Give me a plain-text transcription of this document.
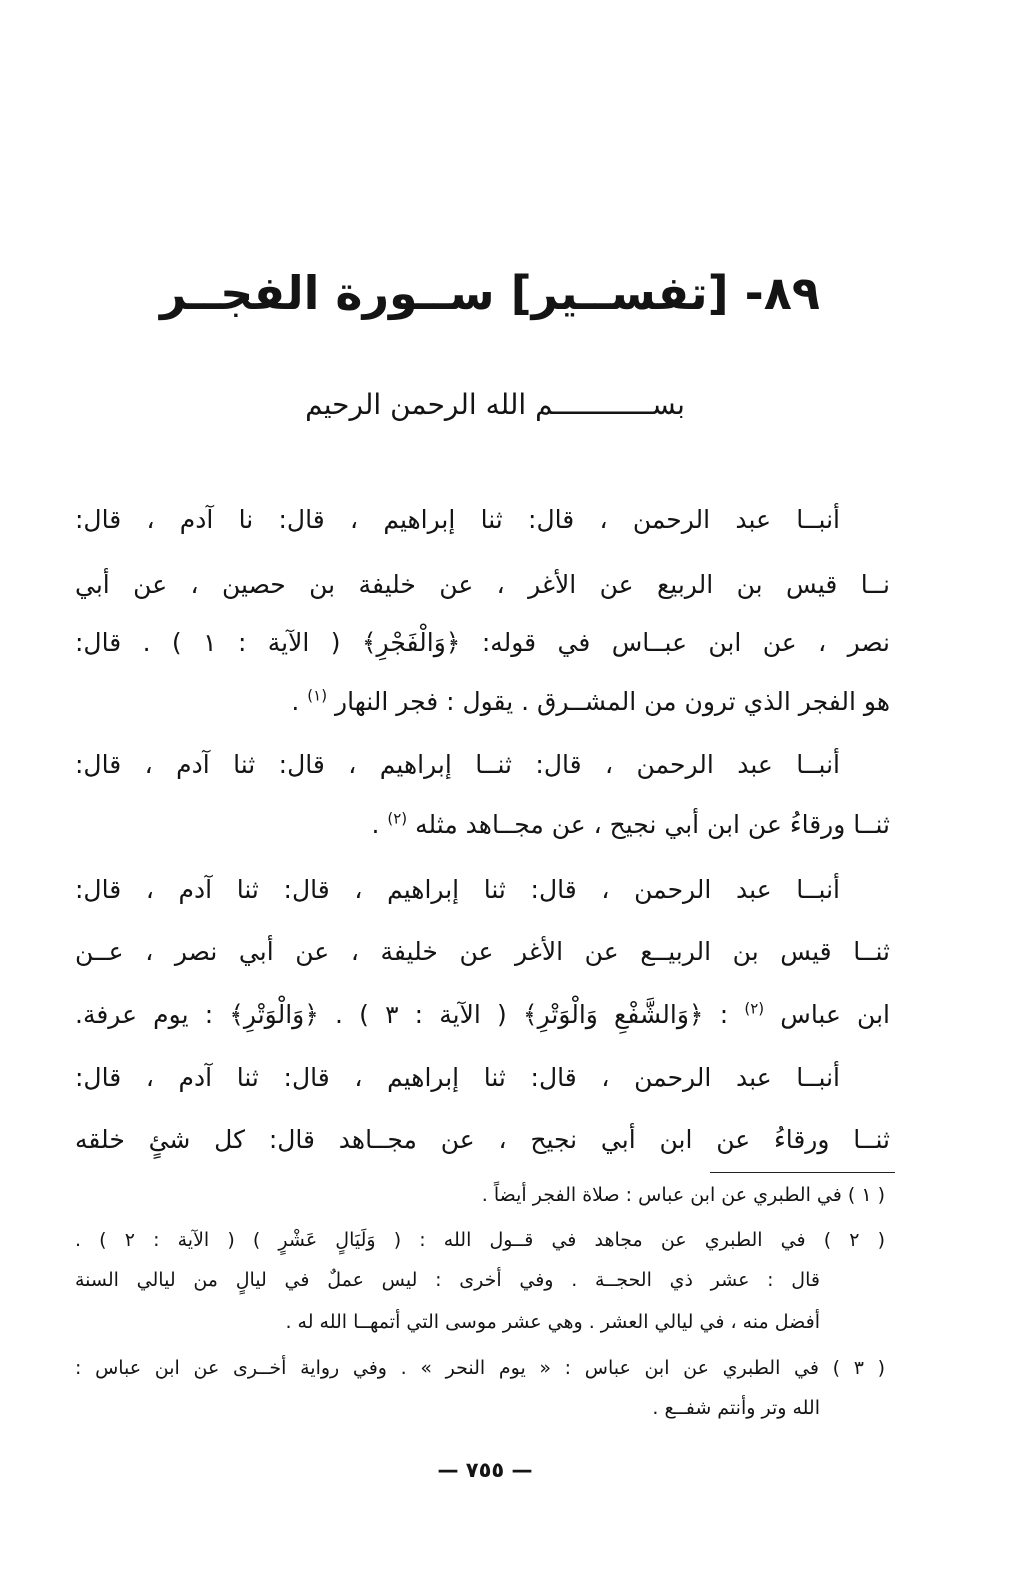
٨٩- [تفســير] ســورة الفجــر
بســــــــــــم الله الرحمن الرحيم
أنبــا عبد الرحمن ، قال: ثنا إبراهيم ، قال: نا آدم ، قال:
نــا قيس بن الربيع عن الأغر ، عن خليفة بن حصين ، عن أبي
نصر ، عن ابن عبــاس في قوله: ﴿وَالْفَجْرِ﴾ ( الآية : ١ ) . قال:
هو الفجر الذي ترون من المشــرق . يقول : فجر النهار $^{(١)}$ .
أنبــا عبد الرحمن ، قال: ثنــا إبراهيم ، قال: ثنا آدم ، قال:
ثنــا ورقاءُ عن ابن أبي نجيح ، عن مجــاهد مثله $^{(٢)}$ .
أنبــا عبد الرحمن ، قال: ثنا إبراهيم ، قال: ثنا آدم ، قال:
ثنــا قيس بن الربيــع عن الأغر عن خليفة ، عن أبي نصر ، عــن
ابن عباس $^{(٢)}$ : ﴿وَالشَّفْعِ وَالْوَتْرِ﴾ ( الآية : ٣ ) . ﴿وَالْوَتْرِ﴾ : يوم عرفة.
أنبــا عبد الرحمن ، قال: ثنا إبراهيم ، قال: ثنا آدم ، قال:
ثنــا ورقاءُ عن ابن أبي نجيح ، عن مجــاهد قال: كل شئٍ خلقه
( ١ ) في الطبري عن ابن عباس : صلاة الفجر أيضاً .
( ٢ ) في الطبري عن مجاهد في قــول الله : ( وَلَيَالٍ عَشْرٍ ) ( الآية : ٢ ) .
قال : عشر ذي الحجــة . وفي أخرى : ليس عملٌ في ليالٍ من ليالي السنة
أفضل منه ، في ليالي العشر . وهي عشر موسى التي أتمهــا الله له .
( ٣ ) في الطبري عن ابن عباس : « يوم النحر » . وفي رواية أخــرى عن ابن عباس :
الله وتر وأنتم شفــع .
— ٧٥٥ —
